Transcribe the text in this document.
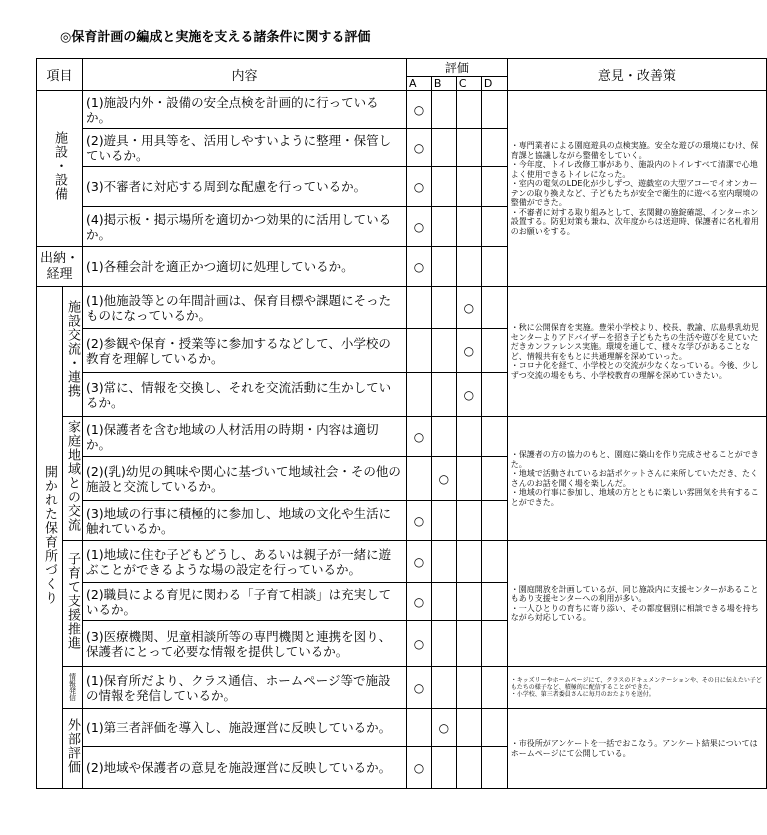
◎保育計画の編成と実施を支える諸条件に関する評価
項目		内容	評価				意見・改善策
			A	B	C	D	
施設・設備		(1)施設内外・設備の安全点検を計画的に行っているか。	○				・専門業者による園庭遊具の点検実施。安全な遊びの環境にむけ、保育課と協議しながら整備をしていく。
・今年度、トイレ改修工事があり、施設内のトイレすべて清潔で心地よく使用できるトイレになった。
・室内の電気のLDE化が少しずつ、遊戯室の大型アコーでイオンカーテンの取り換えなど、子どもたちが安全で衛生的に遊べる室内環境の整備ができた。
・不審者に対する取り組みとして、玄関鍵の施錠確認、インターホン設置する。防犯対策も兼ね、次年度からは送迎時、保護者に名札着用のお願いをする。

		(2)遊具・用具等を、活用しやすいように整理・保管しているか。	○				
		(3)不審者に対応する周到な配慮を行っているか。	○				
		(4)掲示板・掲示場所を適切かつ効果的に活用しているか。	○				
出納・経理		(1)各種会計を適正かつ適切に処理しているか。	○				
開かれた保育所づくり	施設交流・連携	(1)他施設等との年間計画は、保育目標や課題にそったものになっているか。			○		・秋に公開保育を実施。豊栄小学校より、校長、教諭、広島県乳幼児センターよりアドバイザーを招き子どもたちの生活や遊びを見ていただきカンファレンス実施。環境を通して、様々な学びがあることなど、情報共有をもとに共通理解を深めていった。
・コロナ化を経て、小学校との交流が少なくなっている。今後、少しずつ交流の場をもち、小学校教育の理解を深めていきたい。

		(2)参観や保育・授業等に参加するなどして、小学校の教育を理解しているか。			○		
		(3)常に、情報を交換し、それを交流活動に生かしているか。			○		
	家庭地域との交流	(1)保護者を含む地域の人材活用の時期・内容は適切か。	○				・保護者の方の協力のもと、園庭に築山を作り完成させることができた。
・地域で活動されているお話ポケットさんに来所していただき、たくさんのお話を聞く場を楽しんだ。
・地域の行事に参加し、地域の方とともに楽しい雰囲気を共有することができた。

		(2)(乳)幼児の興味や関心に基づいて地域社会・その他の施設と交流しているか。		○			
		(3)地域の行事に積極的に参加し、地域の文化や生活に触れているか。	○				
	子育て支援推進	(1)地域に住む子どもどうし、あるいは親子が一緒に遊ぶことができるような場の設定を行っているか。	○				・園庭開放を計画しているが、同じ施設内に支援センターがあることもあり支援センターへの利用が多い。
・一人ひとりの育ちに寄り添い、その都度個別に相談できる場を持ちながら対応している。

		(2)職員による育児に関わる「子育て相談」は充実しているか。	○				
		(3)医療機関、児童相談所等の専門機関と連携を図り、保護者にとって必要な情報を提供しているか。	○				
	情報発信	(1)保育所だより、クラス通信、ホームページ等で施設の情報を発信しているか。	○				・キッズリーやホームページにて、クラスのドキュメンテーションや、その日に伝えたい子どもたちの様子など、積極的に配信することができた。
・小学校、第三者委員さんに毎月のおたよりを送付。

	外部評価	(1)第三者評価を導入し、施設運営に反映しているか。		○			・市役所がアンケートを一括でおこなう。アンケート結果についてはホームページにて公開している。

		(2)地域や保護者の意見を施設運営に反映しているか。	○				
